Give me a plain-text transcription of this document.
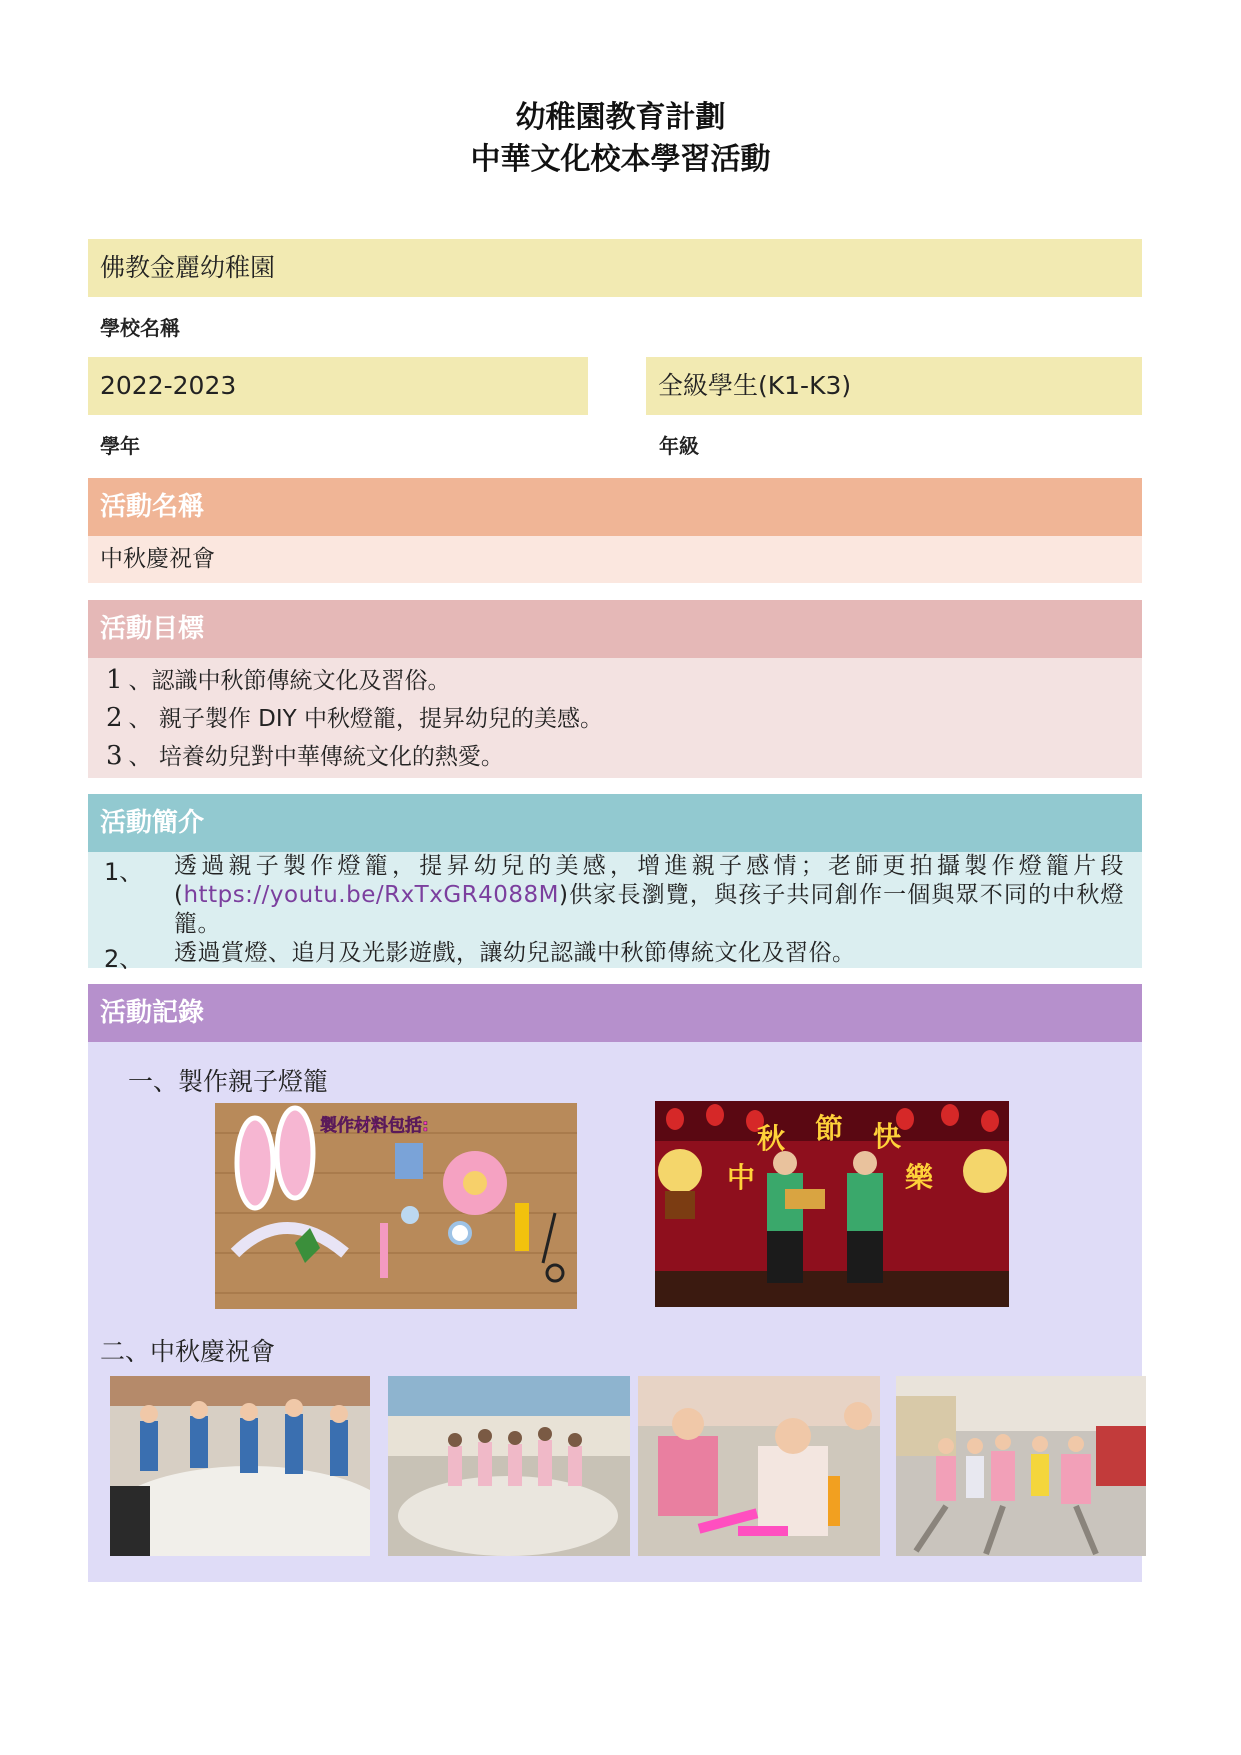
幼稚園教育計劃
中華文化校本學習活動
佛教金麗幼稚園
學校名稱
2022-2023
學年
全級學生(K1-K3)
年級
活動名稱
中秋慶祝會
活動目標
1 、認識中秋節傳統文化及習俗。
2 、 親子製作 DIY 中秋燈籠，提昇幼兒的美感。
3 、 培養幼兒對中華傳統文化的熱愛。
活動簡介
1、 透過親子製作燈籠，提昇幼兒的美感，增進親子感情；老師更拍攝製作燈籠片段(https://youtu.be/RxTxGR4088M)供家長瀏覽，與孩子共同創作一個與眾不同的中秋燈籠。
2、 透過賞燈、追月及光影遊戲，讓幼兒認識中秋節傳統文化及習俗。
活動記錄
一、製作親子燈籠
製作材料包括:
中
秋 節 快
樂
二、中秋慶祝會
